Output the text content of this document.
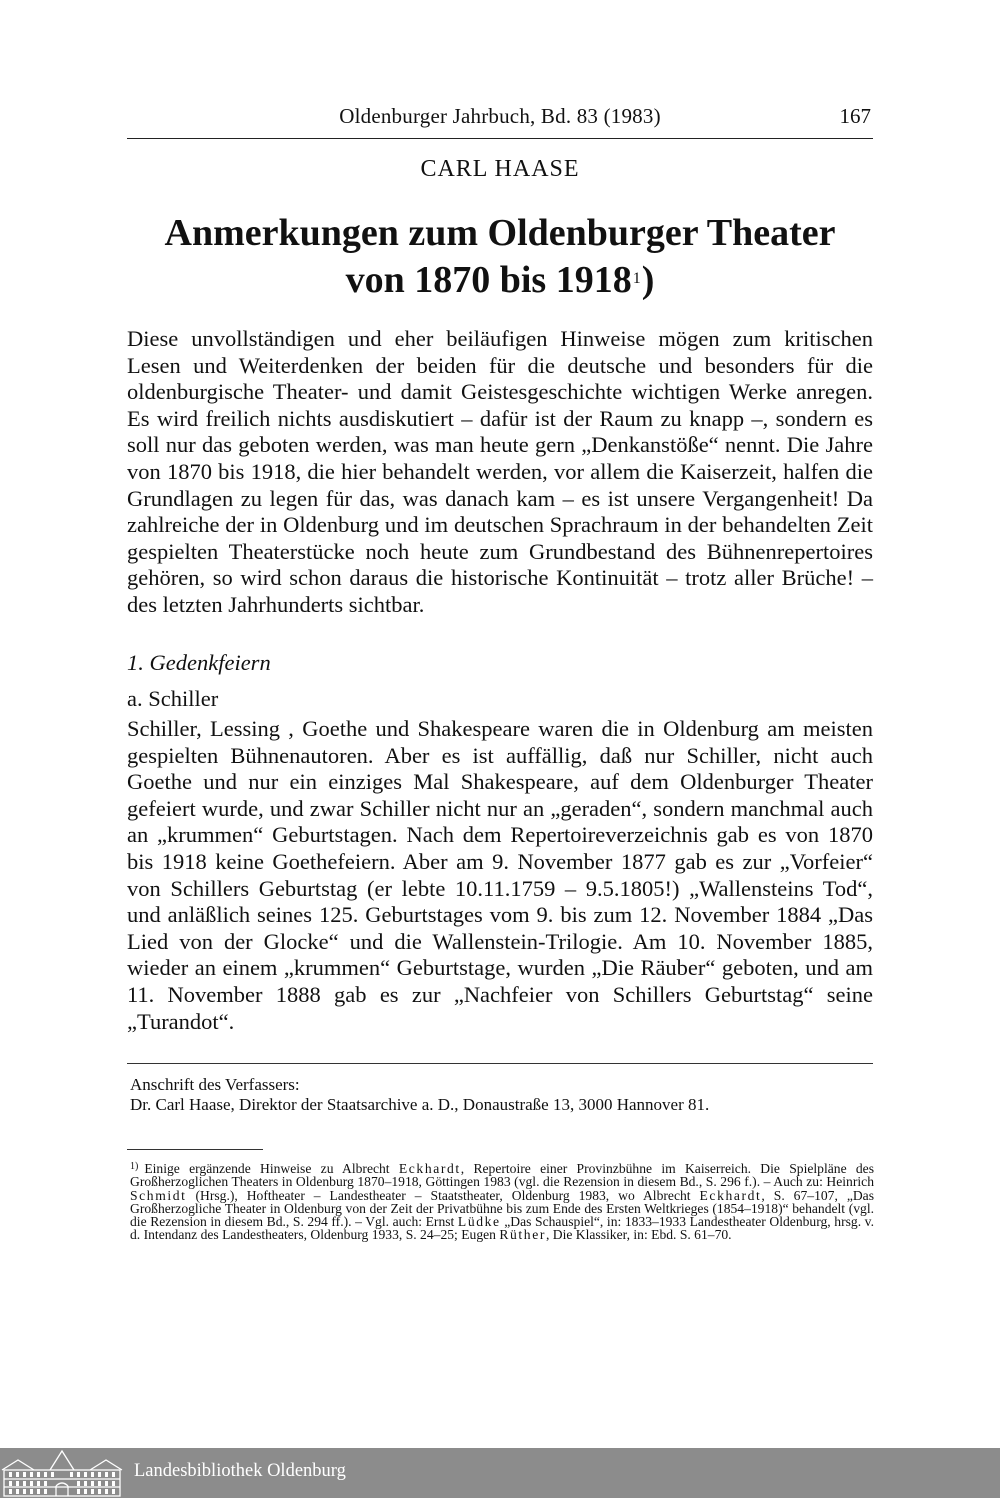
Oldenburger Jahrbuch, Bd. 83 (1983)	167
CARL HAASE
Anmerkungen zum Oldenburger Theater
von 1870 bis 1918$^1$)

Diese unvollständigen und eher beiläufigen Hinweise mögen zum kritischen Lesen und Weiterdenken der beiden für die deutsche und besonders für die oldenburgische Theater- und damit Geistesgeschichte wichtigen Werke anregen. Es wird freilich nichts ausdiskutiert – dafür ist der Raum zu knapp –, sondern es soll nur das geboten werden, was man heute gern „Denkanstöße“ nennt. Die Jahre von 1870 bis 1918, die hier behandelt werden, vor allem die Kaiserzeit, halfen die Grundlagen zu legen für das, was danach kam – es ist unsere Vergangenheit! Da zahlreiche der in Oldenburg und im deutschen Sprachraum in der behandelten Zeit gespielten Theaterstücke noch heute zum Grundbestand des Bühnenrepertoires gehören, so wird schon daraus die historische Kontinuität – trotz aller Brüche! – des letzten Jahrhunderts sichtbar.

1. Gedenkfeiern
a. Schiller

Schiller, Lessing , Goethe und Shakespeare waren die in Oldenburg am meisten gespielten Bühnenautoren. Aber es ist auffällig, daß nur Schiller, nicht auch Goethe und nur ein einziges Mal Shakespeare, auf dem Oldenburger Theater gefeiert wurde, und zwar Schiller nicht nur an „geraden“, sondern manchmal auch an „krummen“ Geburtstagen. Nach dem Repertoireverzeichnis gab es von 1870 bis 1918 keine Goethefeiern. Aber am 9. November 1877 gab es zur „Vorfeier“ von Schillers Geburtstag (er lebte 10.11.1759 – 9.5.1805!) „Wallensteins Tod“, und anläßlich seines 125. Geburtstages vom 9. bis zum 12. November 1884 „Das Lied von der Glocke“ und die Wallenstein-Trilogie. Am 10. November 1885, wieder an einem „krummen“ Geburtstage, wurden „Die Räuber“ geboten, und am 11. November 1888 gab es zur „Nachfeier von Schillers Geburtstag“ seine „Turandot“.

Anschrift des Verfassers:
Dr. Carl Haase, Direktor der Staatsarchive a. D., Donaustraße 13, 3000 Hannover 81.

$^{1)}$ Einige ergänzende Hinweise zu Albrecht Eckhardt, Repertoire einer Provinzbühne im Kaiserreich. Die Spielpläne des Großherzoglichen Theaters in Oldenburg 1870–1918, Göttingen 1983 (vgl. die Rezension in diesem Bd., S. 296 f.). – Auch zu: Heinrich Schmidt (Hrsg.), Hoftheater – Landestheater – Staatstheater, Oldenburg 1983, wo Albrecht Eckhardt, S. 67–107, „Das Großherzogliche Theater in Oldenburg von der Zeit der Privatbühne bis zum Ende des Ersten Weltkrieges (1854–1918)“ behandelt (vgl. die Rezension in diesem Bd., S. 294 ff.). – Vgl. auch: Ernst Lüdke „Das Schauspiel“, in: 1833–1933 Landestheater Oldenburg, hrsg. v. d. Intendanz des Landestheaters, Oldenburg 1933, S. 24–25; Eugen Rüther, Die Klassiker, in: Ebd. S. 61–70.

Landesbibliothek Oldenburg
